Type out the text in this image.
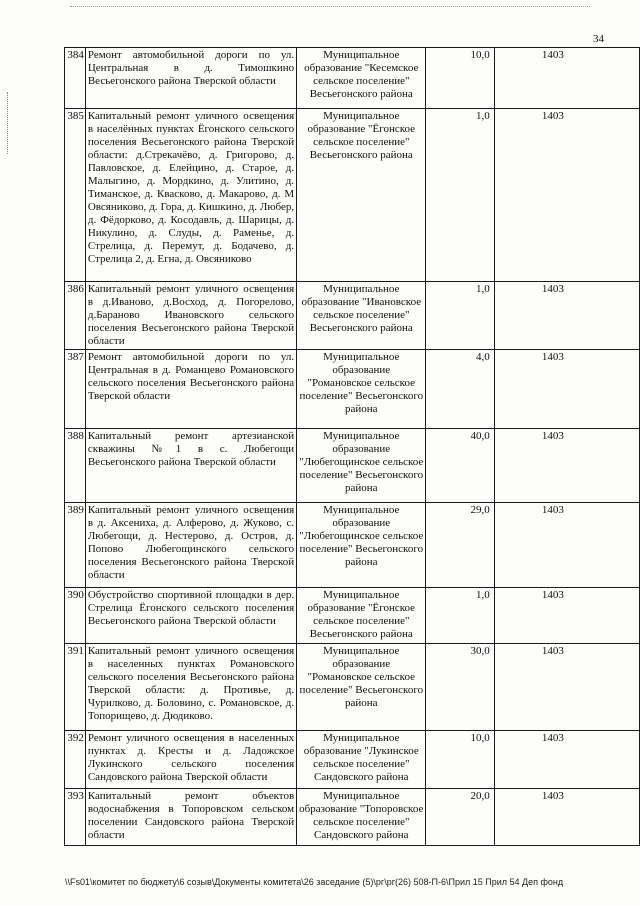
34
384	Ремонт автомобильной дороги по ул. Центральная в д. Тимошкино Весьегонского района Тверской области	Муниципальное образование "Кесемское сельское поселение" Весьегонского района	10,0	1403
385	Капитальный ремонт уличного освещения в населённых пунктах Ёгонского сельского поселения Весьегонского района Тверской области: д.Стрекачёво, д. Григорово, д. Павловское, д. Елейцино, д. Старое, д. Малыгино, д. Мордкино, д. Улитино, д. Тиманское, д. Квасково, д. Макарово, д. М Овсяниково, д. Гора, д. Кишкино, д. Любер, д. Фёдорково, д. Косодавль, д. Шарицы, д. Никулино, д. Слуды, д. Раменье, д. Стрелица, д. Перемут, д. Бодачево, д. Стрелица 2, д. Егна, д. Овсяниково	Муниципальное образование "Ёгонское сельское поселение" Весьегонского района	1,0	1403
386	Капитальный ремонт уличного освещения в д.Иваново, д.Восход, д. Погорелово, д.Бараново Ивановского сельского поселения Весьегонского района Тверской области	Муниципальное образование "Ивановское сельское поселение" Весьегонского района	1,0	1403
387	Ремонт автомобильной дороги по ул. Центральная в д. Романцево Романовского сельского поселения Весьегонского района Тверской области	Муниципальное образование "Романовское сельское поселение" Весьегонского района	4,0	1403
388	Капитальный ремонт артезианской скважины №1 в с. Любегощи Весьегонского района Тверской области	Муниципальное образование "Любегощинское сельское поселение" Весьегонского района	40,0	1403
389	Капитальный ремонт уличного освещения в д. Аксениха, д. Алферово, д. Жуково, с. Любегощи, д. Нестерово, д. Остров, д. Попово Любегощинского сельского поселения Весьегонского района Тверской области	Муниципальное образование "Любегощинское сельское поселение" Весьегонского района	29,0	1403
390	Обустройство спортивной площадки в дер. Стрелица Ёгонского сельского поселения Весьегонского района Тверской области	Муниципальное образование "Ёгонское сельское поселение" Весьегонского района	1,0	1403
391	Капитальный ремонт уличного освещения в населенных пунктах Романовского сельского поселения Весьегонского района Тверской области: д. Противье, д. Чурилково, д. Боловино, с. Романовское, д. Топорищево, д. Дюдиково.	Муниципальное образование "Романовское сельское поселение" Весьегонского района	30,0	1403
392	Ремонт уличного освещения в населенных пунктах д. Кресты и д. Ладожское Лукинского сельского поселения Сандовского района Тверской области	Муниципальное образование "Лукинское сельское поселение" Сандовского района	10,0	1403
393	Капитальный ремонт объектов водоснабжения в Топоровском сельском поселении Сандовского района Тверской области	Муниципальное образование "Топоровское сельское поселение" Сандовского района	20,0	1403
\\Fs01\комитет по бюджету\6 созыв\Документы комитета\26 заседание (5)\рг\рг(26) 508-П-6\Прил 15 Прил 54 Деп фонд
